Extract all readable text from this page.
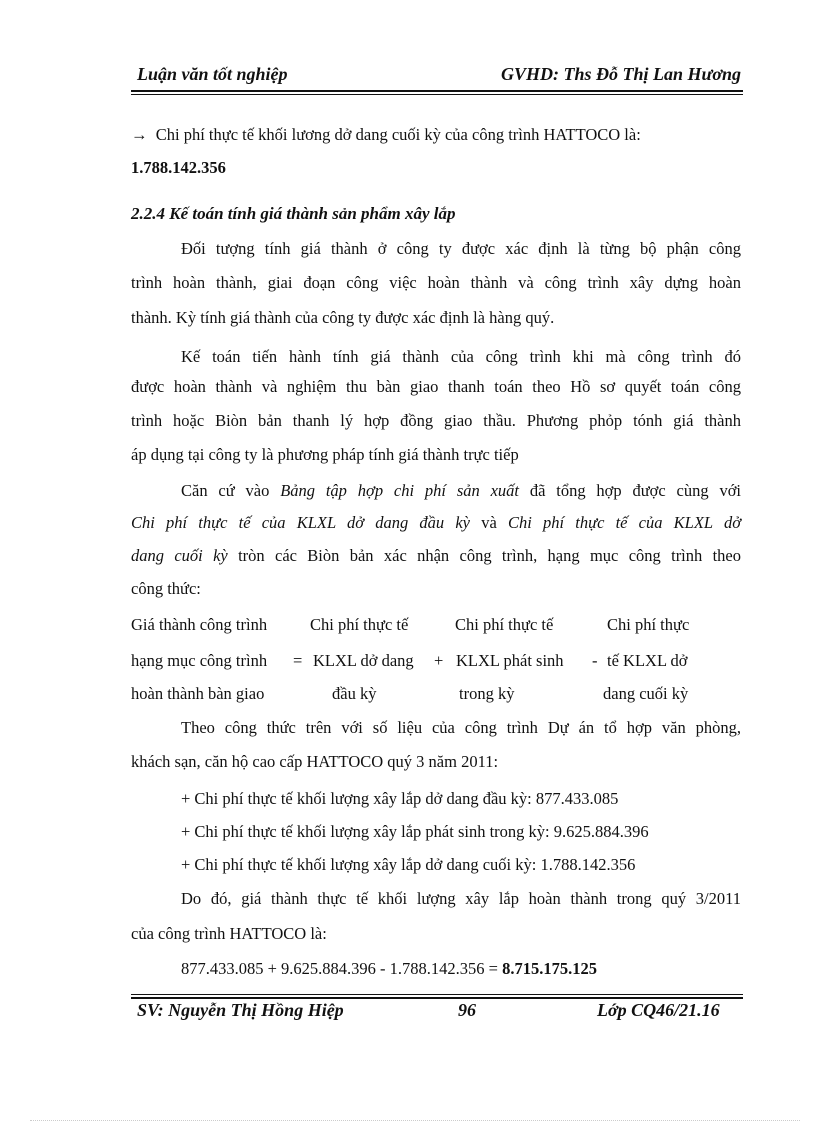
Luận văn tốt nghiệp	GVHD: Ths Đỗ Thị Lan Hương
→ Chi phí thực tế khối lương dở dang cuối kỳ của công trình HATTOCO là:
1.788.142.356
2.2.4 Kế toán tính giá thành sản phẩm xây lắp
Đối tượng tính giá thành ở công ty được xác định là từng bộ phận công
trình hoàn thành, giai đoạn công việc hoàn thành và công trình xây dựng hoàn
thành. Kỳ tính giá thành của công ty được xác định là hàng quý.
Kế toán tiến hành tính giá thành của công trình khi mà công trình đó
được hoàn thành và nghiệm thu bàn giao thanh toán theo Hồ sơ quyết toán công
trình hoặc Biòn bản thanh lý hợp đồng giao thầu. Phương phỏp tónh giá thành
áp dụng tại công ty là phương pháp tính giá thành trực tiếp
Căn cứ vào Bảng tập hợp chi phí sản xuất đã tổng hợp được cùng với
Chi phí thực tế của KLXL dở dang đầu kỳ và Chi phí thực tế của KLXL dở
dang cuối kỳ tròn các Biòn bản xác nhận công trình, hạng mục công trình theo
công thức:
Giá thành công trình	Chi phí thực tế	Chi phí thực tế	Chi phí thực
hạng mục công trình = KLXL dở dang + KLXL phát sinh - tế KLXL dở
hoàn thành bàn giao	đầu kỳ	trong kỳ	dang cuối kỳ
Theo công thức trên với số liệu của công trình Dự án tổ hợp văn phòng,
khách sạn, căn hộ cao cấp HATTOCO quý 3 năm 2011:
+ Chi phí thực tế khối lượng xây lắp dở dang đầu kỳ: 877.433.085
+ Chi phí thực tế khối lượng xây lắp phát sinh trong kỳ: 9.625.884.396
+ Chi phí thực tế khối lượng xây lắp dở dang cuối kỳ: 1.788.142.356
Do đó, giá thành thực tế khối lượng xây lắp hoàn thành trong quý 3/2011
của công trình HATTOCO là:
877.433.085 + 9.625.884.396 - 1.788.142.356 = 8.715.175.125
SV: Nguyễn Thị Hồng Hiệp	96	Lớp CQ46/21.16
